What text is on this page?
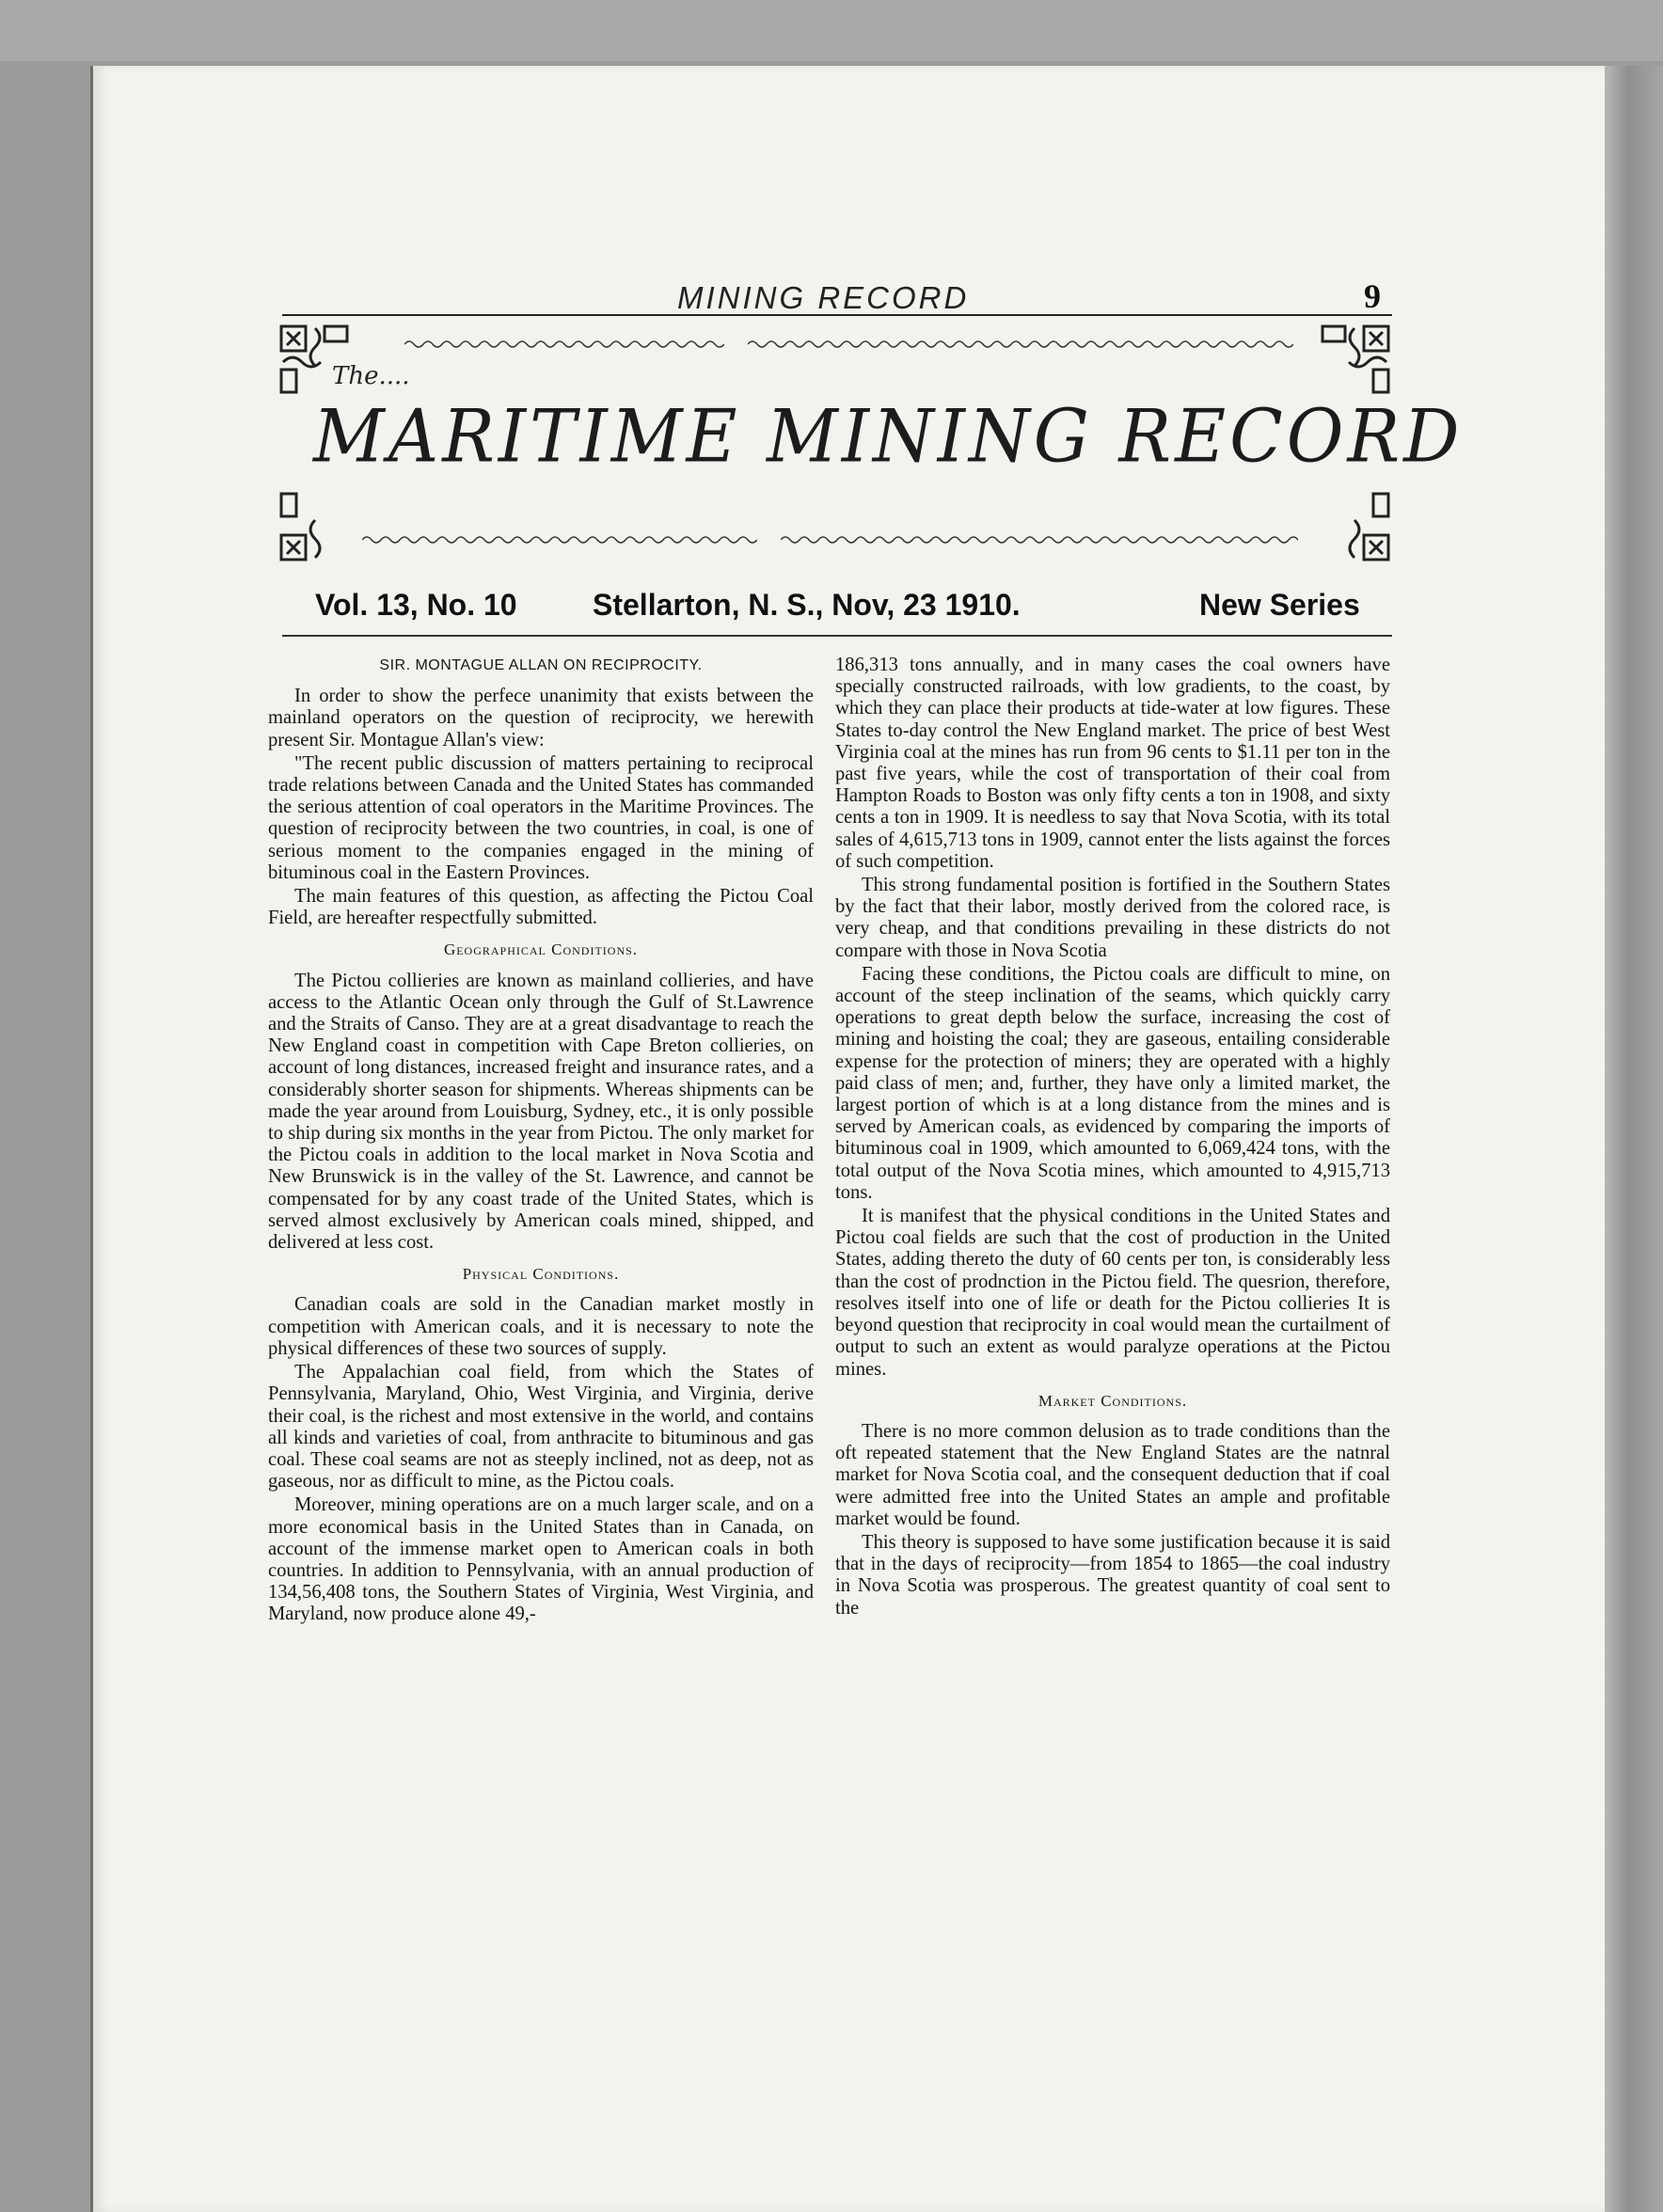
MINING RECORD	9
The....
MARITIME MINING RECORD
Vol. 13, No. 10	Stellarton, N. S., Nov, 23 1910.	New Series
SIR. MONTAGUE ALLAN ON RECIPROCITY.

In order to show the perfece unanimity that exists between the mainland operators on the question of reciprocity, we herewith present Sir. Montague Allan's view:

"The recent public discussion of matters pertaining to reciprocal trade relations between Canada and the United States has commanded the serious attention of coal operators in the Maritime Provinces. The question of reciprocity between the two countries, in coal, is one of serious moment to the companies engaged in the mining of bituminous coal in the Eastern Provinces.

The main features of this question, as affecting the Pictou Coal Field, are hereafter respectfully submitted.

Geographical Conditions.

The Pictou collieries are known as mainland collieries, and have access to the Atlantic Ocean only through the Gulf of St.Lawrence and the Straits of Canso. They are at a great disadvantage to reach the New England coast in competition with Cape Breton collieries, on account of long distances, increased freight and insurance rates, and a considerably shorter season for shipments. Whereas shipments can be made the year around from Louisburg, Sydney, etc., it is only possible to ship during six months in the year from Pictou. The only market for the Pictou coals in addition to the local market in Nova Scotia and New Brunswick is in the valley of the St. Lawrence, and cannot be compensated for by any coast trade of the United States, which is served almost exclusively by American coals mined, shipped, and delivered at less cost.

Physical Conditions.

Canadian coals are sold in the Canadian market mostly in competition with American coals, and it is necessary to note the physical differences of these two sources of supply.

The Appalachian coal field, from which the States of Pennsylvania, Maryland, Ohio, West Virginia, and Virginia, derive their coal, is the richest and most extensive in the world, and contains all kinds and varieties of coal, from anthracite to bituminous and gas coal. These coal seams are not as steeply inclined, not as deep, not as gaseous, nor as difficult to mine, as the Pictou coals.

Moreover, mining operations are on a much larger scale, and on a more economical basis in the United States than in Canada, on account of the immense market open to American coals in both countries. In addition to Pennsylvania, with an annual production of 134,56,408 tons, the Southern States of Virginia, West Virginia, and Maryland, now produce alone 49,-

186,313 tons annually, and in many cases the coal owners have specially constructed railroads, with low gradients, to the coast, by which they can place their products at tide-water at low figures. These States to-day control the New England market. The price of best West Virginia coal at the mines has run from 96 cents to $1.11 per ton in the past five years, while the cost of transportation of their coal from Hampton Roads to Boston was only fifty cents a ton in 1908, and sixty cents a ton in 1909. It is needless to say that Nova Scotia, with its total sales of 4,615,713 tons in 1909, cannot enter the lists against the forces of such competition.

This strong fundamental position is fortified in the Southern States by the fact that their labor, mostly derived from the colored race, is very cheap, and that conditions prevailing in these districts do not compare with those in Nova Scotia

Facing these conditions, the Pictou coals are difficult to mine, on account of the steep inclination of the seams, which quickly carry operations to great depth below the surface, increasing the cost of mining and hoisting the coal; they are gaseous, entailing considerable expense for the protection of miners; they are operated with a highly paid class of men; and, further, they have only a limited market, the largest portion of which is at a long distance from the mines and is served by American coals, as evidenced by comparing the imports of bituminous coal in 1909, which amounted to 6,069,424 tons, with the total output of the Nova Scotia mines, which amounted to 4,915,713 tons.

It is manifest that the physical conditions in the United States and Pictou coal fields are such that the cost of production in the United States, adding thereto the duty of 60 cents per ton, is considerably less than the cost of prodnction in the Pictou field. The quesrion, therefore, resolves itself into one of life or death for the Pictou collieries It is beyond question that reciprocity in coal would mean the curtailment of output to such an extent as would paralyze operations at the Pictou mines.

Market Conditions.

There is no more common delusion as to trade conditions than the oft repeated statement that the New England States are the natnral market for Nova Scotia coal, and the consequent deduction that if coal were admitted free into the United States an ample and profitable market would be found.

This theory is supposed to have some justification because it is said that in the days of reciprocity—from 1854 to 1865—the coal industry in Nova Scotia was prosperous. The greatest quantity of coal sent to the
